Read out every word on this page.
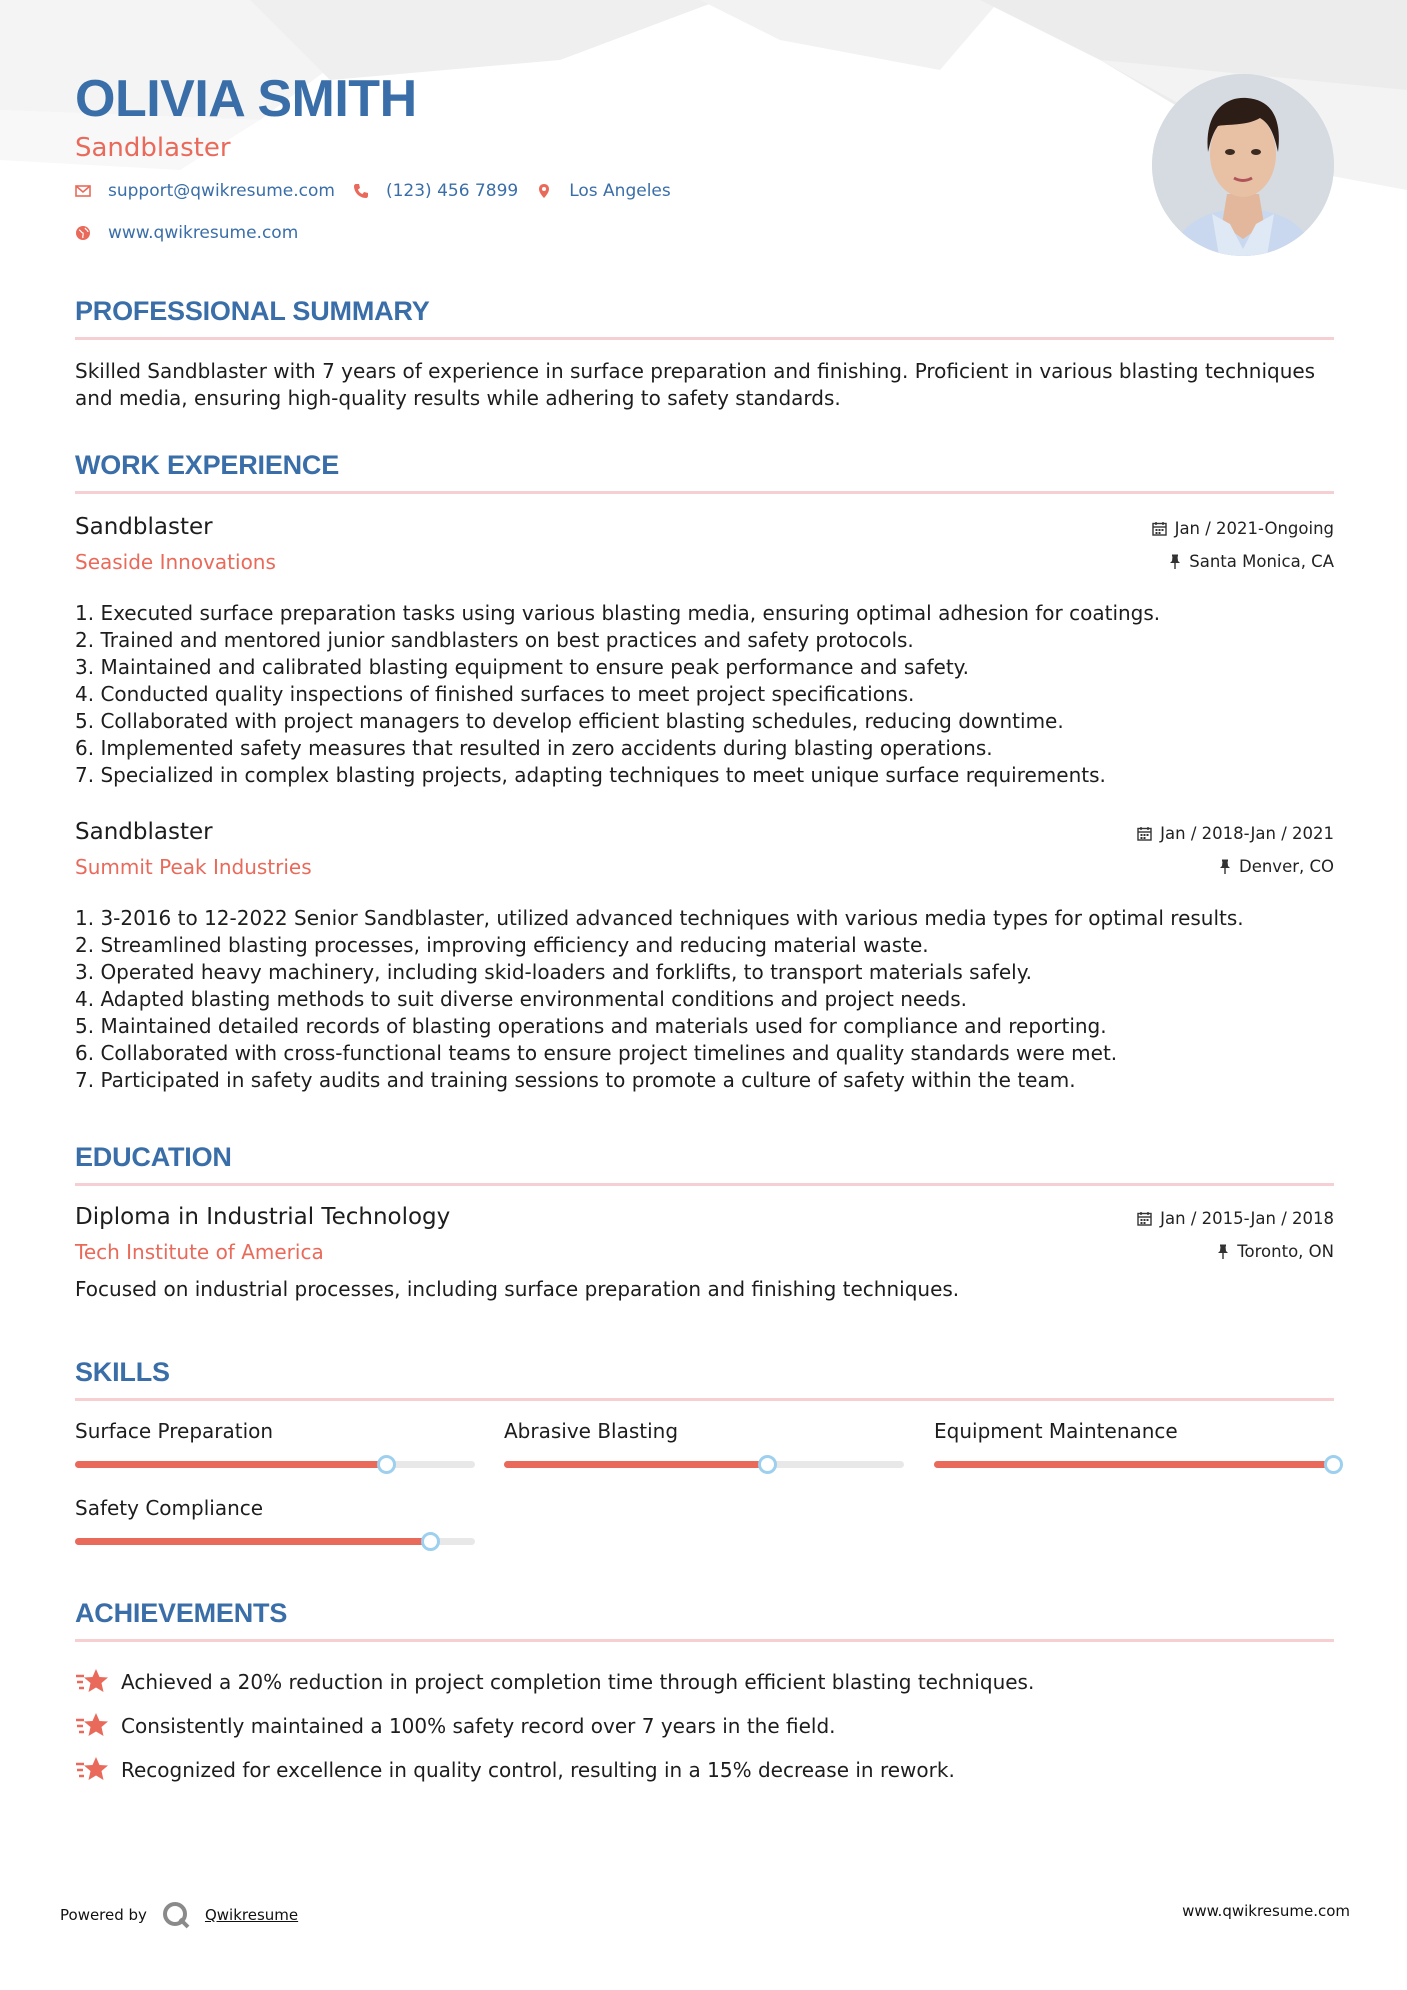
OLIVIA SMITH
Sandblaster
support@qwikresume.com	(123) 456 7899	Los Angeles
www.qwikresume.com
PROFESSIONAL SUMMARY
Skilled Sandblaster with 7 years of experience in surface preparation and finishing. Proficient in various blasting techniques and media, ensuring high-quality results while adhering to safety standards.
WORK EXPERIENCE
Sandblaster
Seaside Innovations
Jan / 2021-Ongoing
Santa Monica, CA
1. Executed surface preparation tasks using various blasting media, ensuring optimal adhesion for coatings.
2. Trained and mentored junior sandblasters on best practices and safety protocols.
3. Maintained and calibrated blasting equipment to ensure peak performance and safety.
4. Conducted quality inspections of finished surfaces to meet project specifications.
5. Collaborated with project managers to develop efficient blasting schedules, reducing downtime.
6. Implemented safety measures that resulted in zero accidents during blasting operations.
7. Specialized in complex blasting projects, adapting techniques to meet unique surface requirements.
Sandblaster
Summit Peak Industries
Jan / 2018-Jan / 2021
Denver, CO
1. 3-2016 to 12-2022 Senior Sandblaster, utilized advanced techniques with various media types for optimal results.
2. Streamlined blasting processes, improving efficiency and reducing material waste.
3. Operated heavy machinery, including skid-loaders and forklifts, to transport materials safely.
4. Adapted blasting methods to suit diverse environmental conditions and project needs.
5. Maintained detailed records of blasting operations and materials used for compliance and reporting.
6. Collaborated with cross-functional teams to ensure project timelines and quality standards were met.
7. Participated in safety audits and training sessions to promote a culture of safety within the team.
EDUCATION
Diploma in Industrial Technology
Tech Institute of America
Jan / 2015-Jan / 2018
Toronto, ON
Focused on industrial processes, including surface preparation and finishing techniques.
SKILLS
Surface Preparation	Abrasive Blasting	Equipment Maintenance
Safety Compliance
ACHIEVEMENTS
Achieved a 20% reduction in project completion time through efficient blasting techniques.
Consistently maintained a 100% safety record over 7 years in the field.
Recognized for excellence in quality control, resulting in a 15% decrease in rework.
Powered by	Qwikresume	www.qwikresume.com
